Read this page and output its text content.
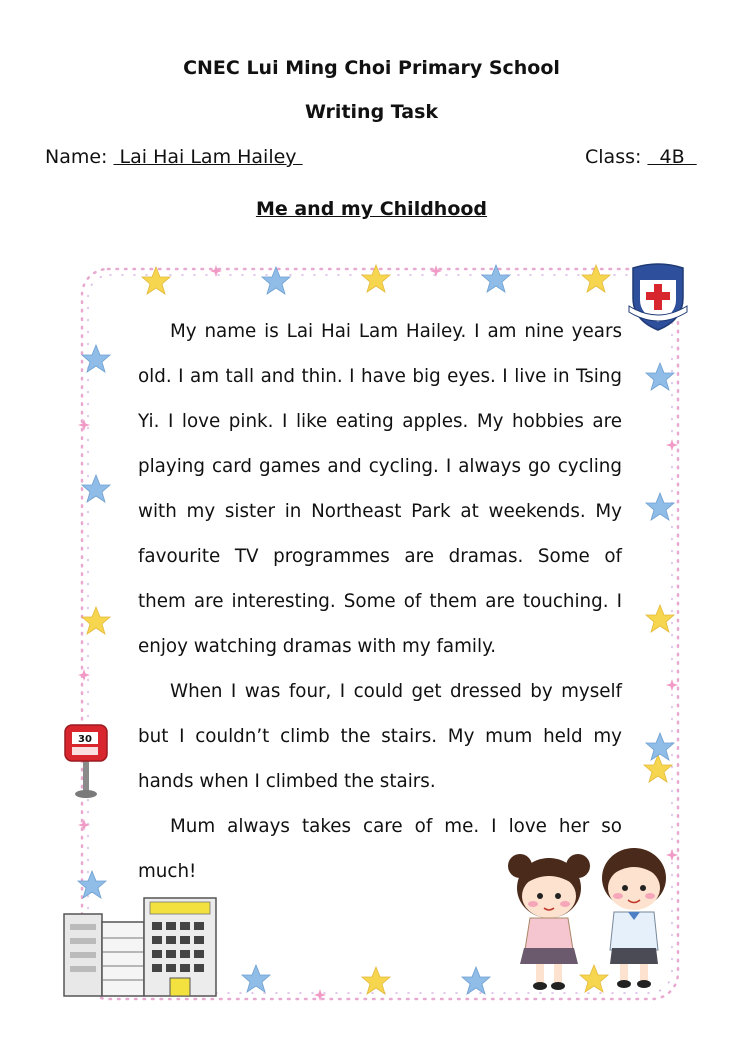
CNEC Lui Ming Choi Primary School
Writing Task
Name:  Lai Hai Lam Hailey	Class:   4B
Me and my Childhood
30

My name is Lai Hai Lam Hailey. I am nine years old. I am tall and thin. I have big eyes. I live in Tsing Yi. I love pink. I like eating apples. My hobbies are playing card games and cycling. I always go cycling with my sister in Northeast Park at weekends. My favourite TV programmes are dramas. Some of them are interesting. Some of them are touching. I enjoy watching dramas with my family.

When I was four, I could get dressed by myself but I couldn’t climb the stairs. My mum held my hands when I climbed the stairs.

Mum always takes care of me. I love her so much!
